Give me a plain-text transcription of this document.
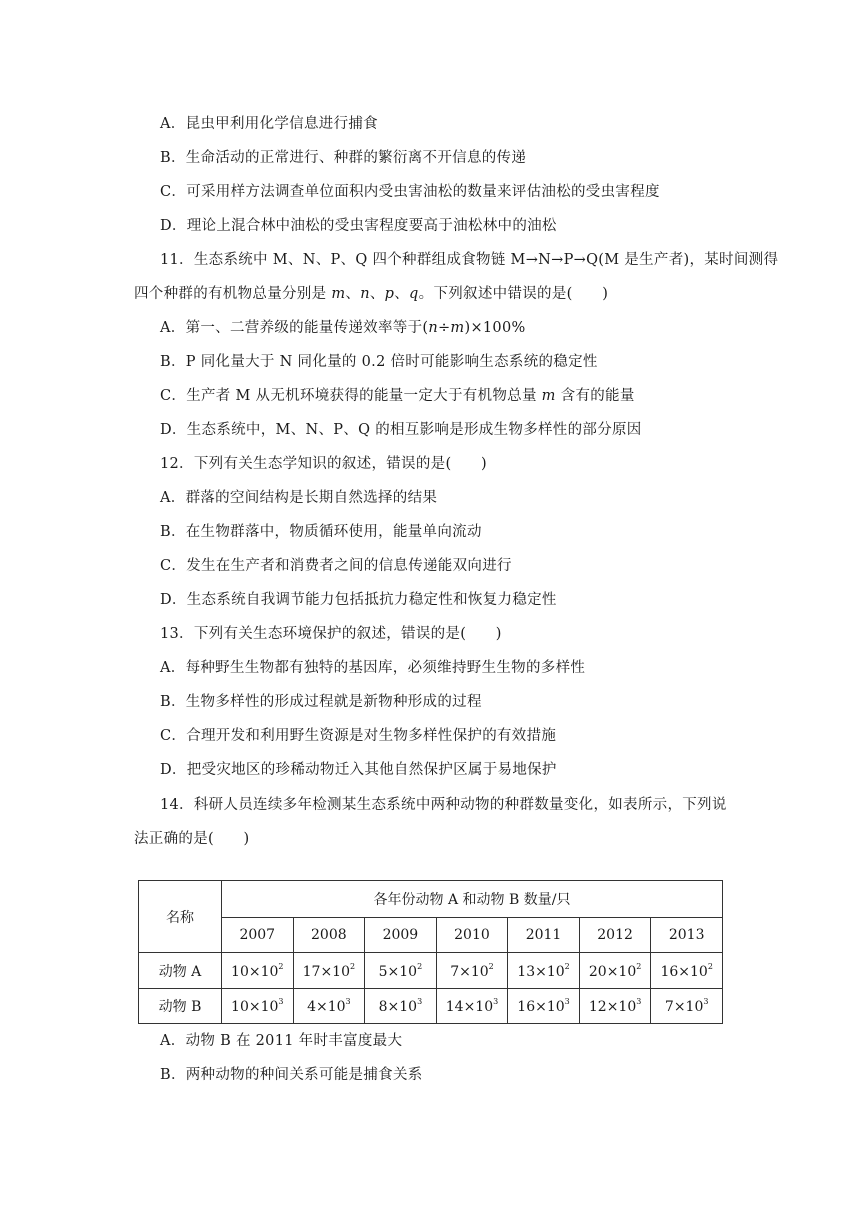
A．昆虫甲利用化学信息进行捕食
B．生命活动的正常进行、种群的繁衍离不开信息的传递
C．可采用样方法调查单位面积内受虫害油松的数量来评估油松的受虫害程度
D．理论上混合林中油松的受虫害程度要高于油松林中的油松
11．生态系统中 M、N、P、Q 四个种群组成食物链 M→N→P→Q(M 是生产者)，某时间测得
四个种群的有机物总量分别是 m、n、p、q。下列叙述中错误的是(　　)
A．第一、二营养级的能量传递效率等于(n÷m)×100%
B．P 同化量大于 N 同化量的 0.2 倍时可能影响生态系统的稳定性
C．生产者 M 从无机环境获得的能量一定大于有机物总量 m 含有的能量
D．生态系统中，M、N、P、Q 的相互影响是形成生物多样性的部分原因
12．下列有关生态学知识的叙述，错误的是(　　)
A．群落的空间结构是长期自然选择的结果
B．在生物群落中，物质循环使用，能量单向流动
C．发生在生产者和消费者之间的信息传递能双向进行
D．生态系统自我调节能力包括抵抗力稳定性和恢复力稳定性
13．下列有关生态环境保护的叙述，错误的是(　　)
A．每种野生生物都有独特的基因库，必须维持野生生物的多样性
B．生物多样性的形成过程就是新物种形成的过程
C．合理开发和利用野生资源是对生物多样性保护的有效措施
D．把受灾地区的珍稀动物迁入其他自然保护区属于易地保护
14．科研人员连续多年检测某生态系统中两种动物的种群数量变化，如表所示，下列说
法正确的是(　　)
名称	各年份动物 A 和动物 B 数量/只						
	2007	2008	2009	2010	2011	2012	2013
动物 A	$10\times 10^2$	$17\times 10^2$	$5\times 10^2$	$7\times 10^2$	$13\times 10^2$	$20\times 10^2$	$16\times 10^2$
动物 B	$10\times 10^3$	$4\times 10^3$	$8\times 10^3$	$14\times 10^3$	$16\times 10^3$	$12\times 10^3$	$7\times 10^3$
A．动物 B 在 2011 年时丰富度最大
B．两种动物的种间关系可能是捕食关系
